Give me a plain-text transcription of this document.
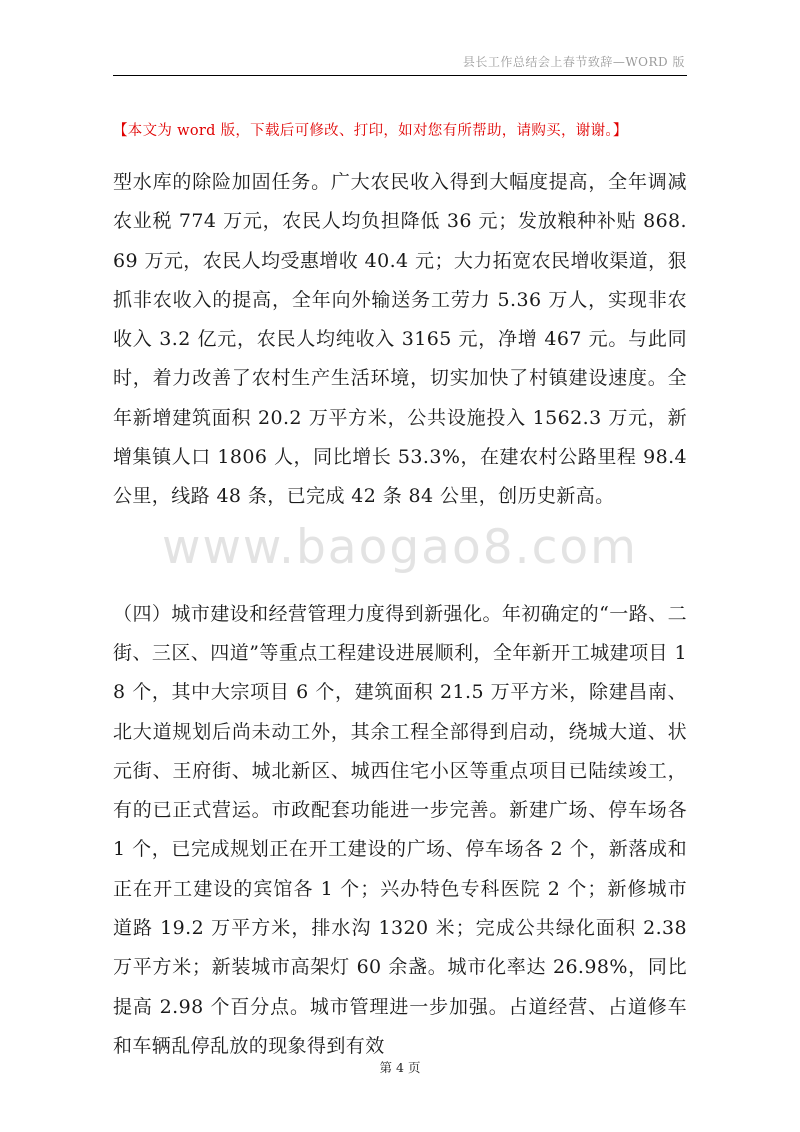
县长工作总结会上春节致辞—WORD 版
【本文为 word 版，下载后可修改、打印，如对您有所帮助，请购买，谢谢。】

型水库的除险加固任务。广大农民收入得到大幅度提高，全年调减农业税 774 万元，农民人均负担降低 36 元；发放粮种补贴 868.69 万元，农民人均受惠增收 40.4 元；大力拓宽农民增收渠道，狠抓非农收入的提高，全年向外输送务工劳力 5.36 万人，实现非农收入 3.2 亿元，农民人均纯收入 3165 元，净增 467 元。与此同时，着力改善了农村生产生活环境，切实加快了村镇建设速度。全年新增建筑面积 20.2 万平方米，公共设施投入 1562.3 万元，新增集镇人口 1806 人，同比增长 53.3%，在建农村公路里程 98.4 公里，线路 48 条，已完成 42 条 84 公里，创历史新高。

（四）城市建设和经营管理力度得到新强化。年初确定的“一路、二街、三区、四道”等重点工程建设进展顺利，全年新开工城建项目 18 个，其中大宗项目 6 个，建筑面积 21.5 万平方米，除建昌南、北大道规划后尚未动工外，其余工程全部得到启动，绕城大道、状元街、王府街、城北新区、城西住宅小区等重点项目已陆续竣工，有的已正式营运。市政配套功能进一步完善。新建广场、停车场各 1 个，已完成规划正在开工建设的广场、停车场各 2 个，新落成和正在开工建设的宾馆各 1 个；兴办特色专科医院 2 个；新修城市道路 19.2 万平方米，排水沟 1320 米；完成公共绿化面积 2.38 万平方米；新装城市高架灯 60 余盏。城市化率达 26.98%，同比提高 2.98 个百分点。城市管理进一步加强。占道经营、占道修车和车辆乱停乱放的现象得到有效

www.baogao8.com
第 4 页
